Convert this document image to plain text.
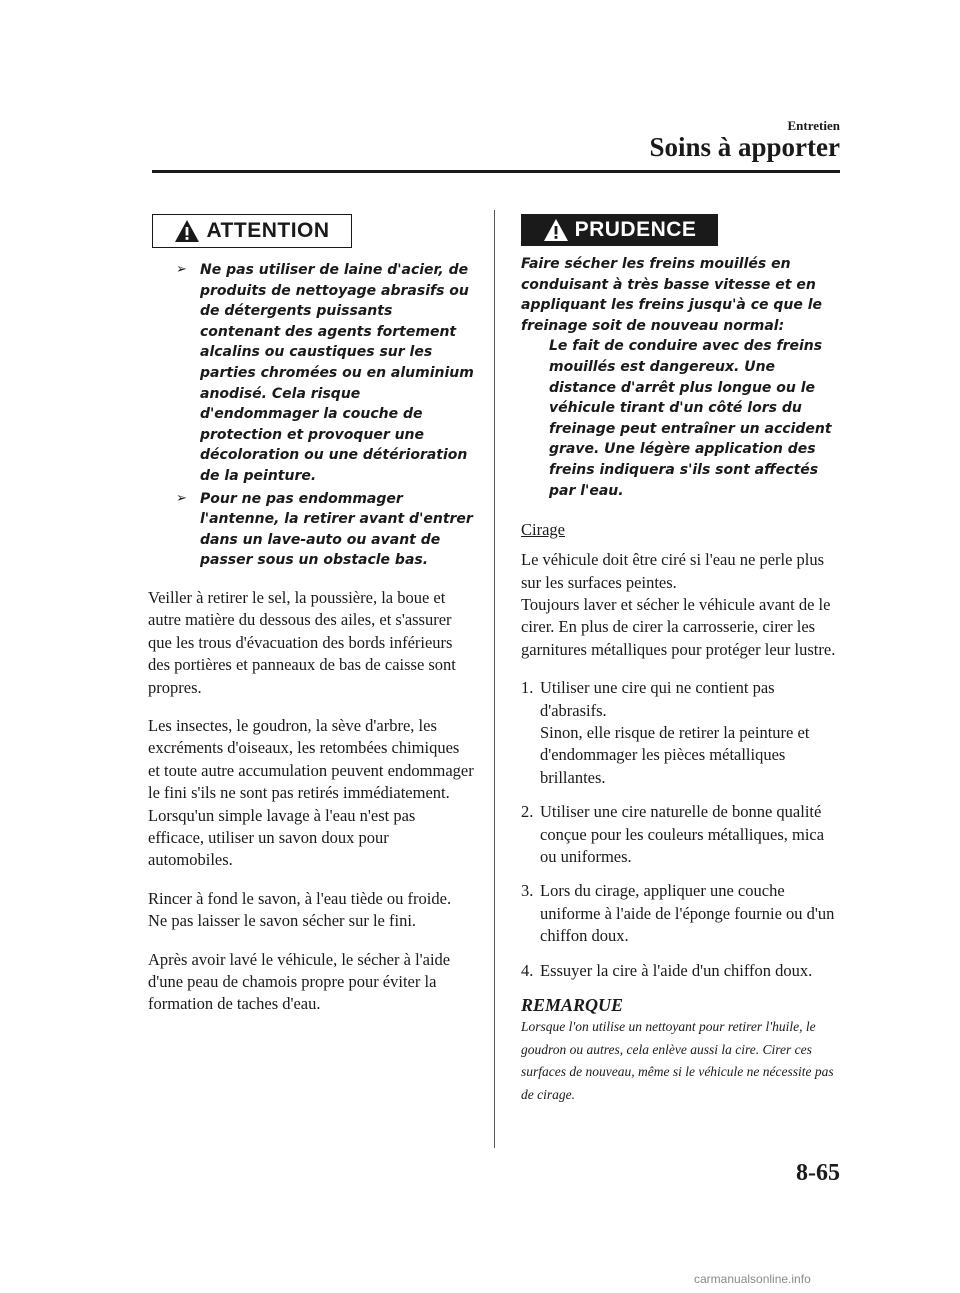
Entretien
Soins à apporter
ATTENTION
➢ Ne pas utiliser de laine d'acier, de produits de nettoyage abrasifs ou de détergents puissants contenant des agents fortement alcalins ou caustiques sur les parties chromées ou en aluminium anodisé. Cela risque d'endommager la couche de protection et provoquer une décoloration ou une détérioration de la peinture.
➢ Pour ne pas endommager l'antenne, la retirer avant d'entrer dans un lave-auto ou avant de passer sous un obstacle bas.

Veiller à retirer le sel, la poussière, la boue et autre matière du dessous des ailes, et s'assurer que les trous d'évacuation des bords inférieurs des portières et panneaux de bas de caisse sont propres.

Les insectes, le goudron, la sève d'arbre, les excréments d'oiseaux, les retombées chimiques et toute autre accumulation peuvent endommager le fini s'ils ne sont pas retirés immédiatement. Lorsqu'un simple lavage à l'eau n'est pas efficace, utiliser un savon doux pour automobiles.

Rincer à fond le savon, à l'eau tiède ou froide. Ne pas laisser le savon sécher sur le fini.

Après avoir lavé le véhicule, le sécher à l'aide d'une peau de chamois propre pour éviter la formation de taches d'eau.

PRUDENCE

Faire sécher les freins mouillés en conduisant à très basse vitesse et en appliquant les freins jusqu'à ce que le freinage soit de nouveau normal:

Le fait de conduire avec des freins mouillés est dangereux. Une distance d'arrêt plus longue ou le véhicule tirant d'un côté lors du freinage peut entraîner un accident grave. Une légère application des freins indiquera s'ils sont affectés par l'eau.

Cirage

Le véhicule doit être ciré si l'eau ne perle plus sur les surfaces peintes.

Toujours laver et sécher le véhicule avant de le cirer. En plus de cirer la carrosserie, cirer les garnitures métalliques pour protéger leur lustre.

1. Utiliser une cire qui ne contient pas d'abrasifs.
Sinon, elle risque de retirer la peinture et d'endommager les pièces métalliques brillantes.
2. Utiliser une cire naturelle de bonne qualité conçue pour les couleurs métalliques, mica ou uniformes.
3. Lors du cirage, appliquer une couche uniforme à l'aide de l'éponge fournie ou d'un chiffon doux.
4. Essuyer la cire à l'aide d'un chiffon doux.

REMARQUE

Lorsque l'on utilise un nettoyant pour retirer l'huile, le goudron ou autres, cela enlève aussi la cire. Cirer ces surfaces de nouveau, même si le véhicule ne nécessite pas de cirage.

8-65
carmanualsonline.info
